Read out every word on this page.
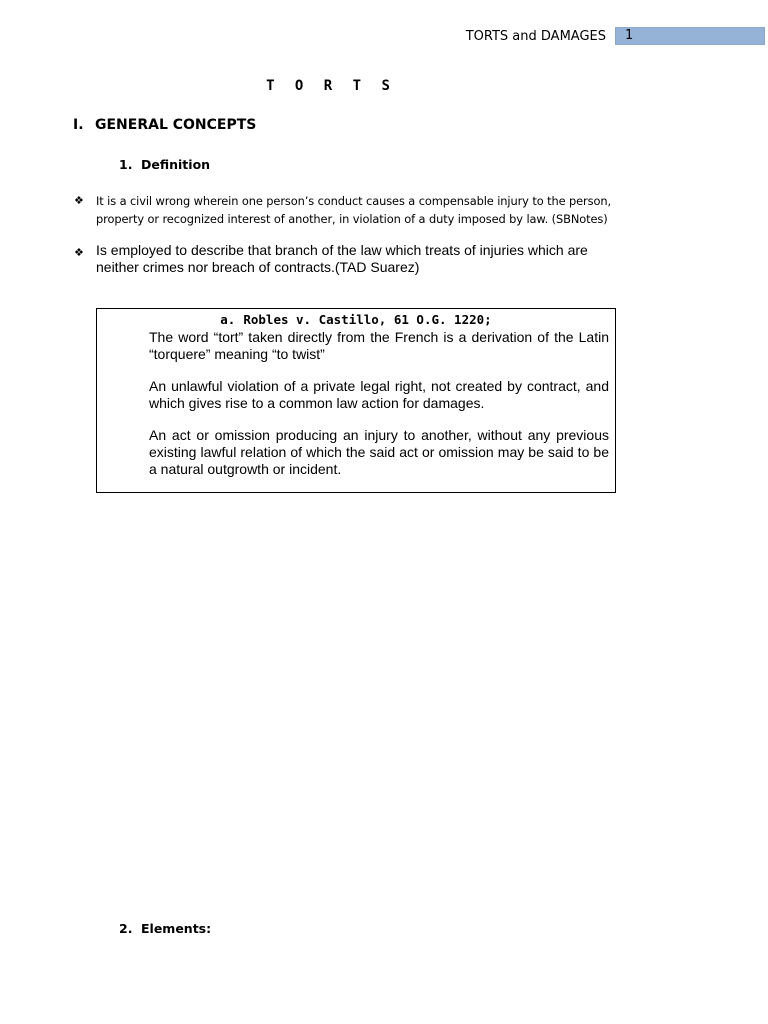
TORTS and DAMAGES 1
T O R T S
I. GENERAL CONCEPTS
1. Definition
❖ It is a civil wrong wherein one person’s conduct causes a compensable injury to the person, property or recognized interest of another, in violation of a duty imposed by law. (SBNotes)
❖ Is employed to describe that branch of the law which treats of injuries which are neither crimes nor breach of contracts.(TAD Suarez)
a. Robles v. Castillo, 61 O.G. 1220;
The word “tort” taken directly from the French is a derivation of the Latin “torquere” meaning “to twist”
An unlawful violation of a private legal right, not created by contract, and which gives rise to a common law action for damages.
An act or omission producing an injury to another, without any previous existing lawful relation of which the said act or omission may be said to be a natural outgrowth or incident.
2. Elements:
